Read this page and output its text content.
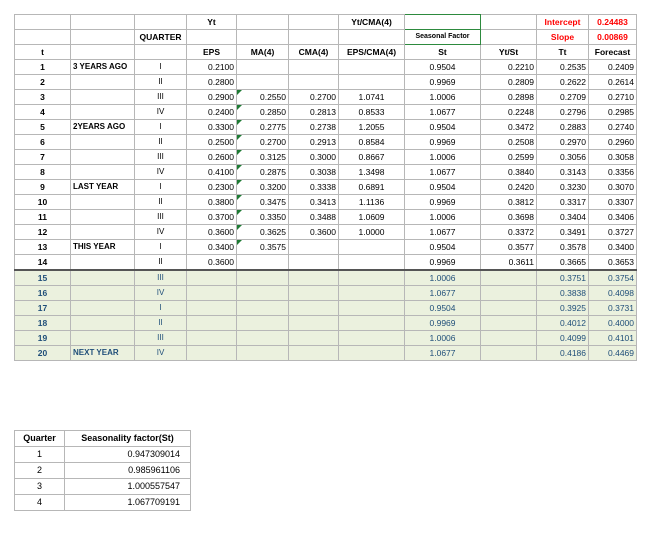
			Yt			Yt/CMA(4)			Intercept	0.24483
		QUARTER					Seasonal Factor		Slope	0.00869
t			EPS	MA(4)	CMA(4)	EPS/CMA(4)	St	Yt/St	Tt	Forecast
1	3 YEARS AGO	I	0.2100				0.9504	0.2210	0.2535	0.2409
2		II	0.2800				0.9969	0.2809	0.2622	0.2614
3		III	0.2900	0.2550	0.2700	1.0741	1.0006	0.2898	0.2709	0.2710
4		IV	0.2400	0.2850	0.2813	0.8533	1.0677	0.2248	0.2796	0.2985
5	2YEARS AGO	I	0.3300	0.2775	0.2738	1.2055	0.9504	0.3472	0.2883	0.2740
6		II	0.2500	0.2700	0.2913	0.8584	0.9969	0.2508	0.2970	0.2960
7		III	0.2600	0.3125	0.3000	0.8667	1.0006	0.2599	0.3056	0.3058
8		IV	0.4100	0.2875	0.3038	1.3498	1.0677	0.3840	0.3143	0.3356
9	LAST YEAR	I	0.2300	0.3200	0.3338	0.6891	0.9504	0.2420	0.3230	0.3070
10		II	0.3800	0.3475	0.3413	1.1136	0.9969	0.3812	0.3317	0.3307
11		III	0.3700	0.3350	0.3488	1.0609	1.0006	0.3698	0.3404	0.3406
12		IV	0.3600	0.3625	0.3600	1.0000	1.0677	0.3372	0.3491	0.3727
13	THIS YEAR	I	0.3400	0.3575			0.9504	0.3577	0.3578	0.3400
14		II	0.3600				0.9969	0.3611	0.3665	0.3653
15		III					1.0006		0.3751	0.3754
16		IV					1.0677		0.3838	0.4098
17		I					0.9504		0.3925	0.3731
18		II					0.9969		0.4012	0.4000
19		III					1.0006		0.4099	0.4101
20	NEXT YEAR	IV					1.0677		0.4186	0.4469
Quarter	Seasonality factor(St)
1	0.947309014
2	0.985961106
3	1.000557547
4	1.067709191
